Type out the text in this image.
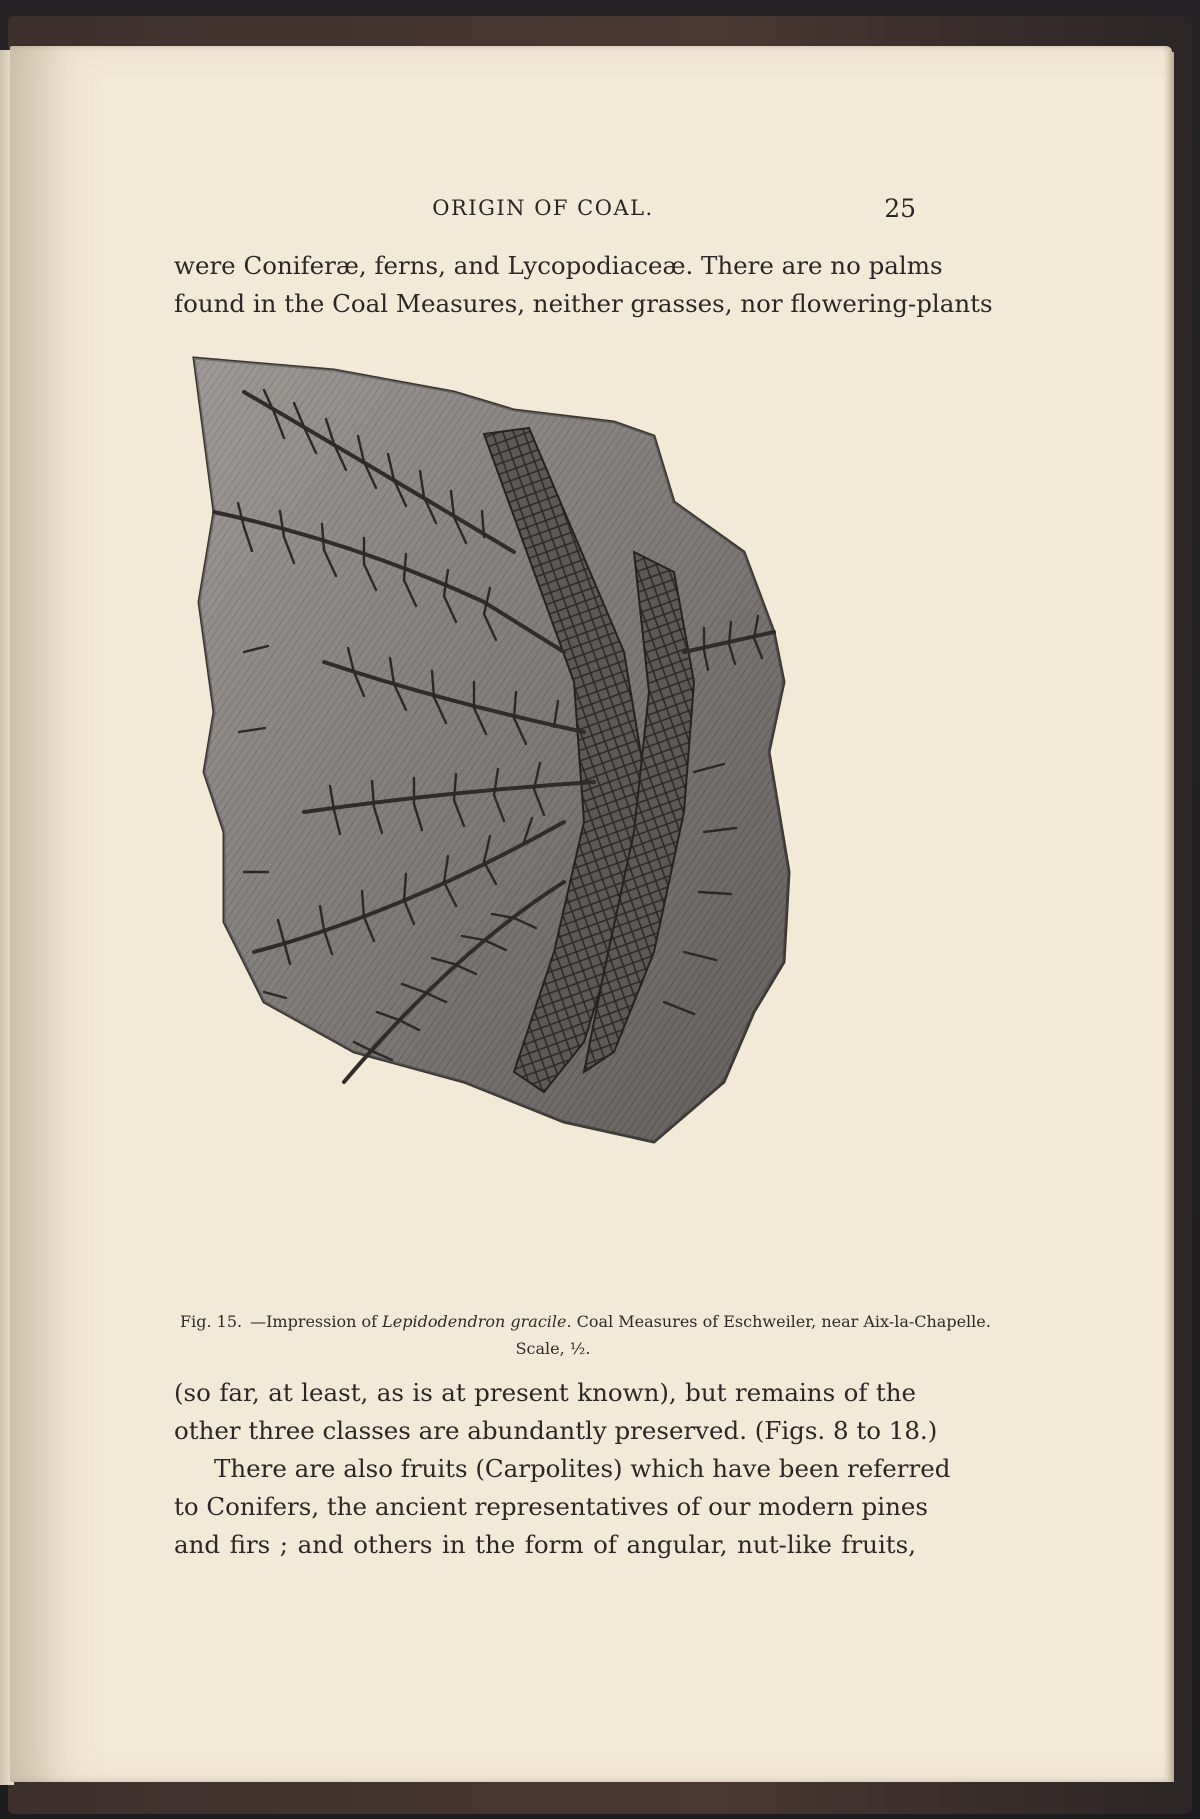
ORIGIN OF COAL.	25
were Coniferæ, ferns, and Lycopodiaceæ. There are no palms
found in the Coal Measures, neither grasses, nor flowering-plants
Fig. 15. —Impression of Lepidodendron gracile. Coal Measures of Eschweiler, near Aix-la-Chapelle.
Scale, ½.
(so far, at least, as is at present known), but remains of the
other three classes are abundantly preserved. (Figs. 8 to 18.)
There are also fruits (Carpolites) which have been referred
to Conifers, the ancient representatives of our modern pines
and firs ; and others in the form of angular, nut-like fruits,
